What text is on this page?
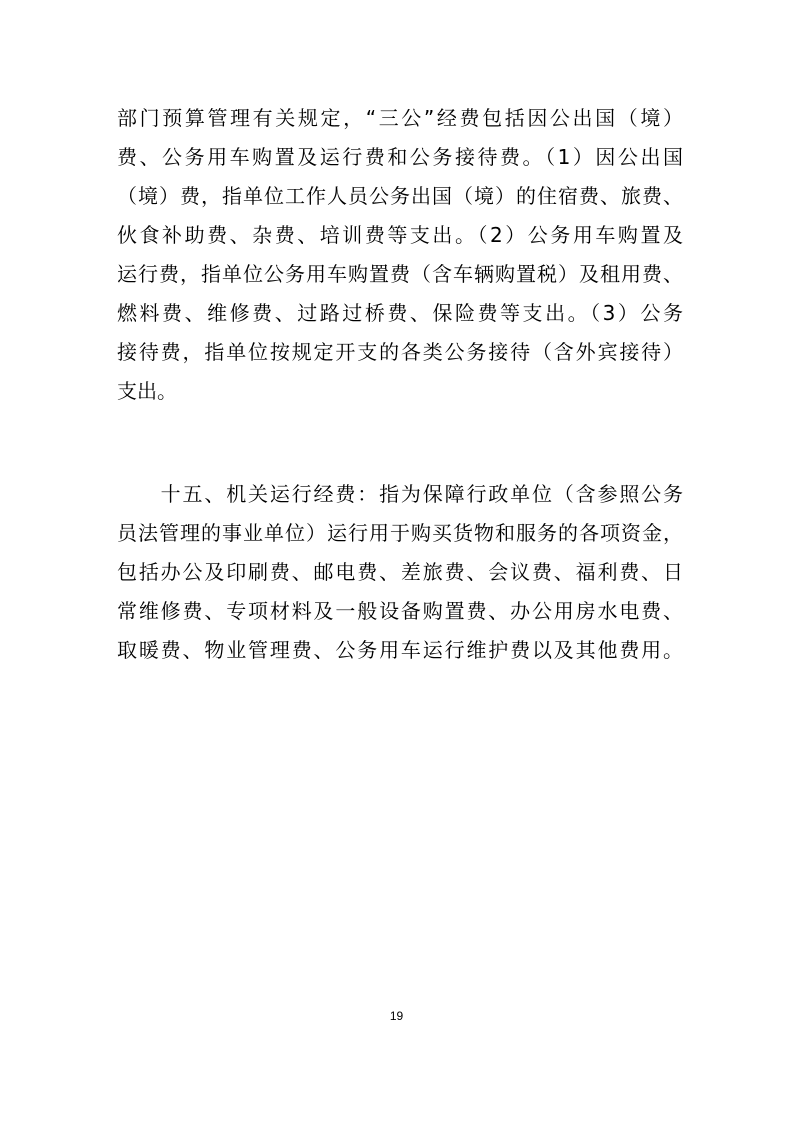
部门预算管理有关规定，“三公”经费包括因公出国（境）
费、公务用车购置及运行费和公务接待费。（1）因公出国
（境）费，指单位工作人员公务出国（境）的住宿费、旅费、
伙食补助费、杂费、培训费等支出。（2）公务用车购置及
运行费，指单位公务用车购置费（含车辆购置税）及租用费、
燃料费、维修费、过路过桥费、保险费等支出。（3）公务
接待费，指单位按规定开支的各类公务接待（含外宾接待）
支出。
　　十五、机关运行经费：指为保障行政单位（含参照公务
员法管理的事业单位）运行用于购买货物和服务的各项资金，
包括办公及印刷费、邮电费、差旅费、会议费、福利费、日
常维修费、专项材料及一般设备购置费、办公用房水电费、
取暖费、物业管理费、公务用车运行维护费以及其他费用。
19
